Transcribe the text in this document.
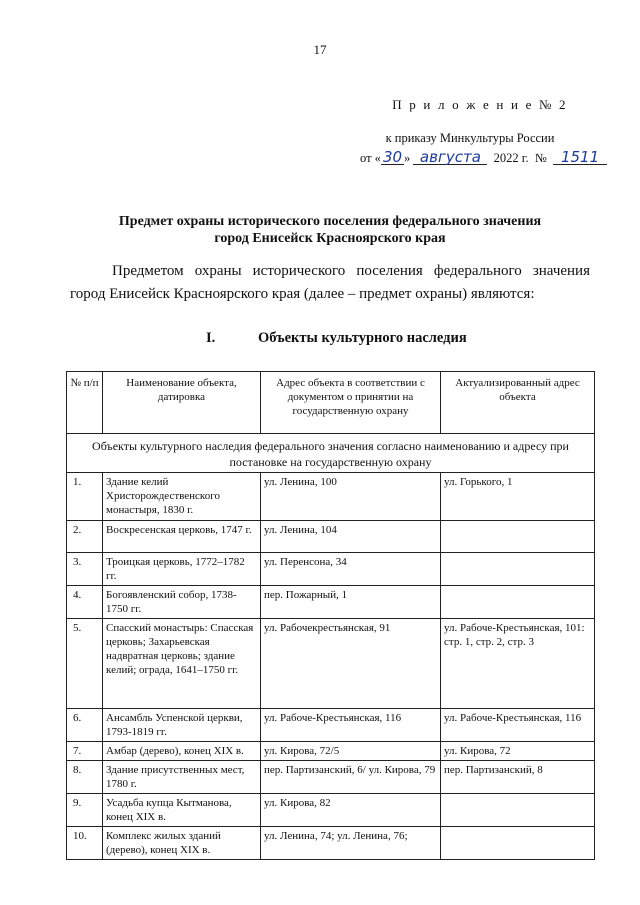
17
П р и л о ж е н и е № 2
к приказу Минкультуры России
от « 30 » августа 2022 г. № 1511
Предмет охраны исторического поселения федерального значения
город Енисейск Красноярского края
Предметом охраны исторического поселения федерального значения город Енисейск Красноярского края (далее – предмет охраны) являются:
I.	Объекты культурного наследия
№ п/п	Наименование объекта, датировка	Адрес объекта в соответствии с документом о принятии на государственную охрану	Актуализированный адрес объекта
Объекты культурного наследия федерального значения согласно наименованию и адресу при постановке на государственную охрану			
1.	Здание келий Христорождественского монастыря, 1830 г.	ул. Ленина, 100	ул. Горького, 1
2.	Воскресенская церковь, 1747 г.	ул. Ленина, 104	
3.	Троицкая церковь, 1772–1782 гг.	ул. Перенсона, 34	
4.	Богоявленский собор, 1738-1750 гг.	пер. Пожарный, 1	
5.	Спасский монастырь: Спасская церковь; Захарьевская надвратная церковь; здание келий; ограда, 1641–1750 гг.	ул. Рабочекрестьянская, 91	ул. Рабоче-Крестьянская, 101: стр. 1, стр. 2, стр. 3
6.	Ансамбль Успенской церкви, 1793-1819 гг.	ул. Рабоче-Крестьянская, 116	ул. Рабоче-Крестьянская, 116
7.	Амбар (дерево), конец XIX в.	ул. Кирова, 72/5	ул. Кирова, 72
8.	Здание присутственных мест, 1780 г.	пер. Партизанский, 6/ ул. Кирова, 79	пер. Партизанский, 8
9.	Усадьба купца Кытманова, конец XIX в.	ул. Кирова, 82	
10.	Комплекс жилых зданий (дерево), конец XIX в.	ул. Ленина, 74; ул. Ленина, 76;	
